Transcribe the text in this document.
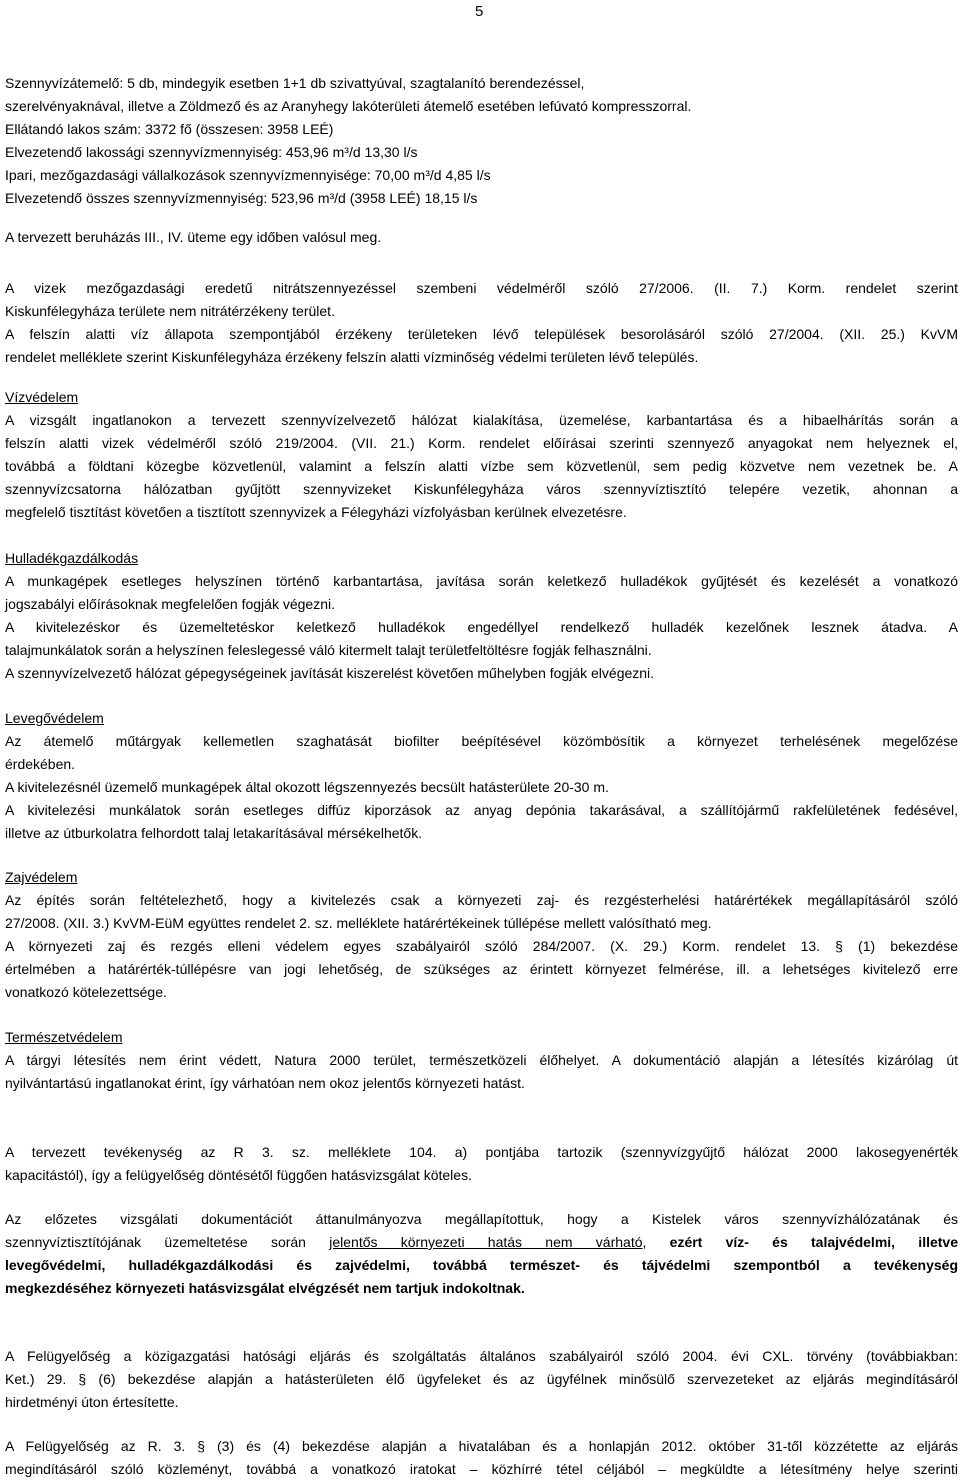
5
Szennyvízátemelő: 5 db, mindegyik esetben 1+1 db szivattyúval, szagtalanító berendezéssel,
szerelvényaknával, illetve a Zöldmező és az Aranyhegy lakóterületi átemelő esetében lefúvató kompresszorral.
Ellátandó lakos szám: 3372 fő (összesen: 3958 LEÉ)
Elvezetendő lakossági szennyvízmennyiség: 453,96 m³/d 13,30 l/s
Ipari, mezőgazdasági vállalkozások szennyvízmennyisége: 70,00 m³/d 4,85 l/s
Elvezetendő összes szennyvízmennyiség: 523,96 m³/d (3958 LEÉ) 18,15 l/s
A tervezett beruházás III., IV. üteme egy időben valósul meg.
A vizek mezőgazdasági eredetű nitrátszennyezéssel szembeni védelméről szóló 27/2006. (II. 7.) Korm. rendelet szerint
Kiskunfélegyháza területe nem nitrátérzékeny terület.
A felszín alatti víz állapota szempontjából érzékeny területeken lévő települések besorolásáról szóló 27/2004. (XII. 25.) KvVM
rendelet melléklete szerint Kiskunfélegyháza érzékeny felszín alatti vízminőség védelmi területen lévő település.
Vízvédelem
A vizsgált ingatlanokon a tervezett szennyvízelvezető hálózat kialakítása, üzemelése, karbantartása és a hibaelhárítás során a
felszín alatti vizek védelméről szóló 219/2004. (VII. 21.) Korm. rendelet előírásai szerinti szennyező anyagokat nem helyeznek el,
továbbá a földtani közegbe közvetlenül, valamint a felszín alatti vízbe sem közvetlenül, sem pedig közvetve nem vezetnek be. A
szennyvízcsatorna hálózatban gyűjtött szennyvizeket Kiskunfélegyháza város szennyvíztisztító telepére vezetik, ahonnan a
megfelelő tisztítást követően a tisztított szennyvizek a Félegyházi vízfolyásban kerülnek elvezetésre.
Hulladékgazdálkodás
A munkagépek esetleges helyszínen történő karbantartása, javítása során keletkező hulladékok gyűjtését és kezelését a vonatkozó
jogszabályi előírásoknak megfelelően fogják végezni.
A kivitelezéskor és üzemeltetéskor keletkező hulladékok engedéllyel rendelkező hulladék kezelőnek lesznek átadva. A
talajmunkálatok során a helyszínen feleslegessé váló kitermelt talajt területfeltöltésre fogják felhasználni.
A szennyvízelvezető hálózat gépegységeinek javítását kiszerelést követően műhelyben fogják elvégezni.
Levegővédelem
Az átemelő műtárgyak kellemetlen szaghatását biofilter beépítésével közömbösítik a környezet terhelésének megelőzése
érdekében.
A kivitelezésnél üzemelő munkagépek által okozott légszennyezés becsült hatásterülete 20-30 m.
A kivitelezési munkálatok során esetleges diffúz kiporzások az anyag depónia takarásával, a szállítójármű rakfelületének fedésével,
illetve az útburkolatra felhordott talaj letakarításával mérsékelhetők.
Zajvédelem
Az építés során feltételezhető, hogy a kivitelezés csak a környezeti zaj- és rezgésterhelési határértékek megállapításáról szóló
27/2008. (XII. 3.) KvVM-EüM együttes rendelet 2. sz. melléklete határértékeinek túllépése mellett valósítható meg.
A környezeti zaj és rezgés elleni védelem egyes szabályairól szóló 284/2007. (X. 29.) Korm. rendelet 13. § (1) bekezdése
értelmében a határérték-túllépésre van jogi lehetőség, de szükséges az érintett környezet felmérése, ill. a lehetséges kivitelező erre
vonatkozó kötelezettsége.
Természetvédelem
A tárgyi létesítés nem érint védett, Natura 2000 terület, természetközeli élőhelyet. A dokumentáció alapján a létesítés kizárólag út
nyilvántartású ingatlanokat érint, így várhatóan nem okoz jelentős környezeti hatást.
A tervezett tevékenység az R 3. sz. melléklete 104. a) pontjába tartozik (szennyvízgyűjtő hálózat 2000 lakosegyenérték
kapacitástól), így a felügyelőség döntésétől függően hatásvizsgálat köteles.
Az előzetes vizsgálati dokumentációt áttanulmányozva megállapítottuk, hogy a Kistelek város szennyvízhálózatának és
szennyvíztisztítójának üzemeltetése során jelentős környezeti hatás nem várható, ezért víz- és talajvédelmi, illetve
levegővédelmi, hulladékgazdálkodási és zajvédelmi, továbbá természet- és tájvédelmi szempontból a tevékenység
megkezdéséhez környezeti hatásvizsgálat elvégzését nem tartjuk indokoltnak.
A Felügyelőség a közigazgatási hatósági eljárás és szolgáltatás általános szabályairól szóló 2004. évi CXL. törvény (továbbiakban:
Ket.) 29. § (6) bekezdése alapján a hatásterületen élő ügyfeleket és az ügyfélnek minősülő szervezeteket az eljárás megindításáról
hirdetményi úton értesítette.
A Felügyelőség az R. 3. § (3) és (4) bekezdése alapján a hivatalában és a honlapján 2012. október 31-től közzétette az eljárás
megindításáról szóló közleményt, továbbá a vonatkozó iratokat – közhírré tétel céljából – megküldte a létesítmény helye szerinti
